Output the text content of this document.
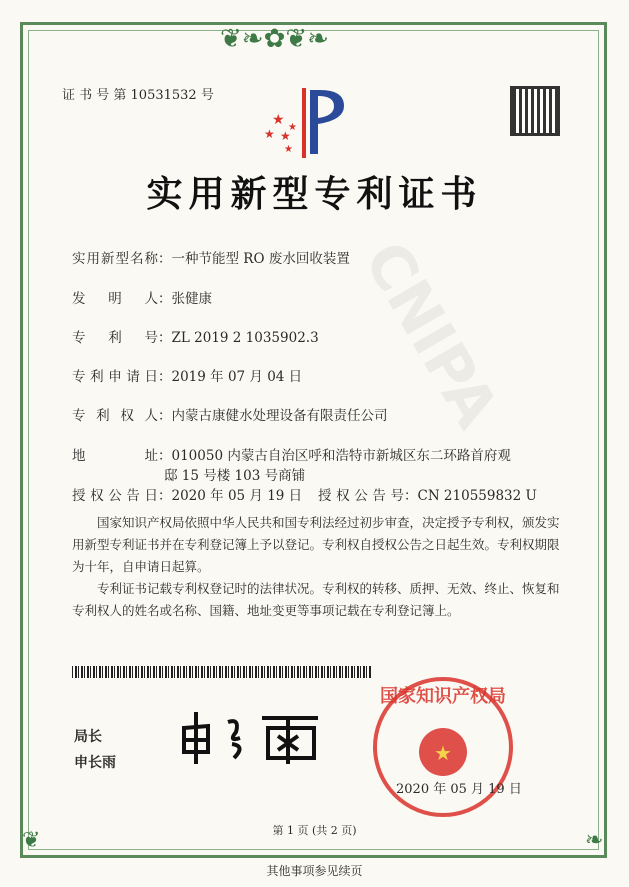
❦❧✿❦❧
❦	❧
CNIPA
证 书 号 第 10531532 号
★
★ ★
★
★
实用新型专利证书
实用新型名称：一种节能型 RO 废水回收装置
发明人：张健康
专利号：ZL 2019 2 1035902.3
专利申请日：2019 年 07 月 04 日
专利权人：内蒙古康健水处理设备有限责任公司
地址：010050 内蒙古自治区呼和浩特市新城区东二环路首府观
邸 15 号楼 103 号商铺
授权公告日：2020 年 05 月 19 日 授权公告号：CN 210559832 U
国家知识产权局依照中华人民共和国专利法经过初步审查，决定授予专利权，颁发实用新型专利证书并在专利登记簿上予以登记。专利权自授权公告之日起生效。专利权期限为十年，自申请日起算。
专利证书记载专利权登记时的法律状况。专利权的转移、质押、无效、终止、恢复和专利权人的姓名或名称、国籍、地址变更等事项记载在专利登记簿上。
局长
申长雨	★
国家知识产权局
2020 年 05 月 19 日
第 1 页 (共 2 页)
其他事项参见续页
